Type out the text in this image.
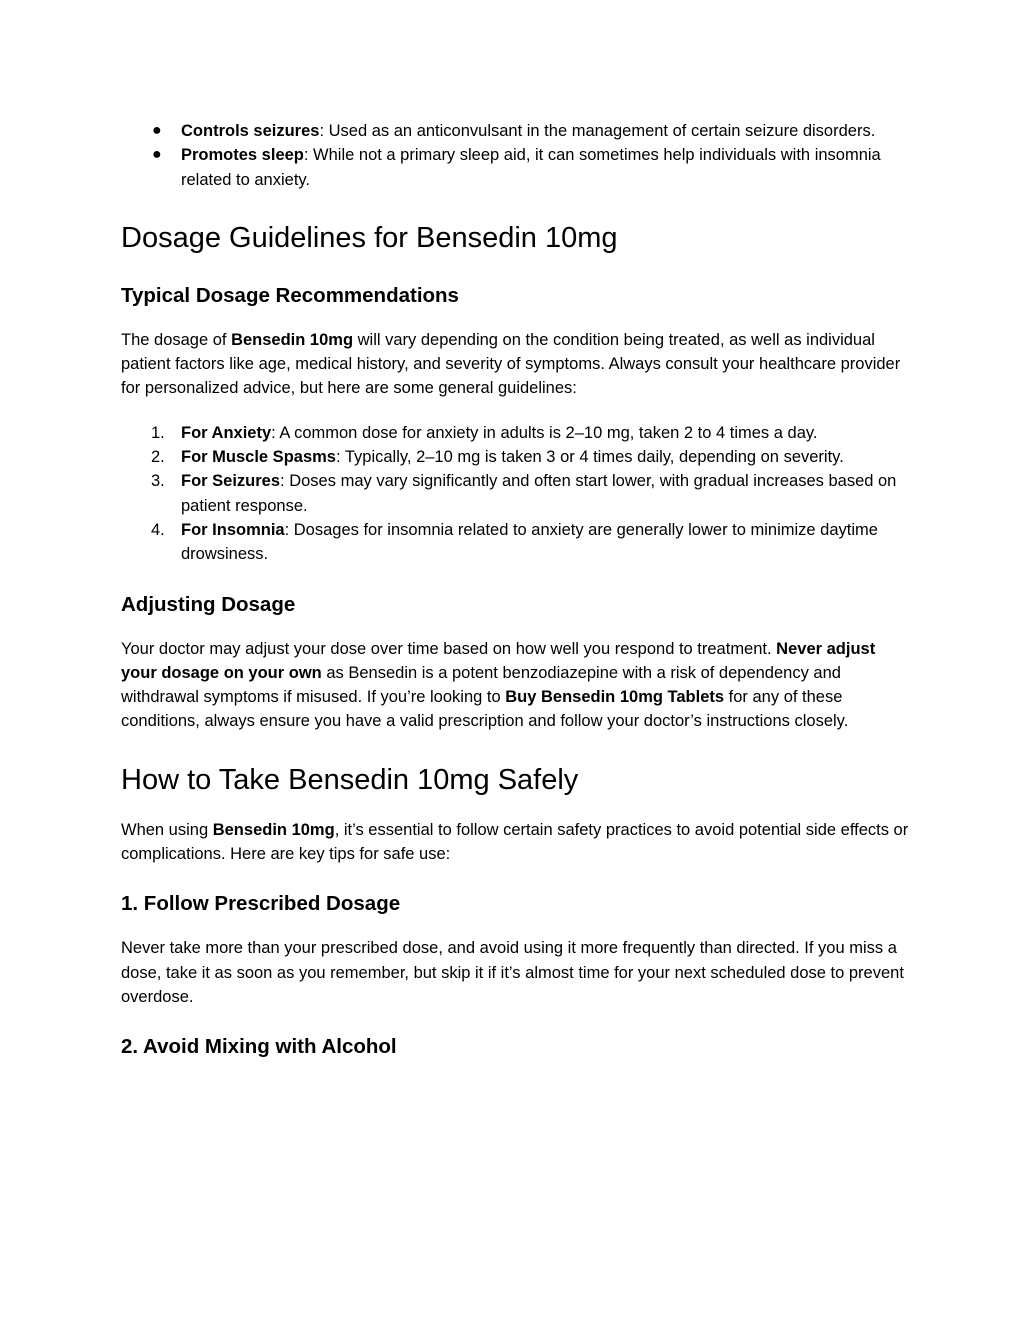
● Controls seizures: Used as an anticonvulsant in the management of certain seizure disorders.
● Promotes sleep: While not a primary sleep aid, it can sometimes help individuals with insomnia related to anxiety.
Dosage Guidelines for Bensedin 10mg
Typical Dosage Recommendations

The dosage of Bensedin 10mg will vary depending on the condition being treated, as well as individual patient factors like age, medical history, and severity of symptoms. Always consult your healthcare provider for personalized advice, but here are some general guidelines:

1. For Anxiety: A common dose for anxiety in adults is 2–10 mg, taken 2 to 4 times a day.
2. For Muscle Spasms: Typically, 2–10 mg is taken 3 or 4 times daily, depending on severity.
3. For Seizures: Doses may vary significantly and often start lower, with gradual increases based on patient response.
4. For Insomnia: Dosages for insomnia related to anxiety are generally lower to minimize daytime drowsiness.
Adjusting Dosage

Your doctor may adjust your dose over time based on how well you respond to treatment. Never adjust your dosage on your own as Bensedin is a potent benzodiazepine with a risk of dependency and withdrawal symptoms if misused. If you’re looking to Buy Bensedin 10mg Tablets for any of these conditions, always ensure you have a valid prescription and follow your doctor’s instructions closely.

How to Take Bensedin 10mg Safely

When using Bensedin 10mg, it’s essential to follow certain safety practices to avoid potential side effects or complications. Here are key tips for safe use:

1. Follow Prescribed Dosage

Never take more than your prescribed dose, and avoid using it more frequently than directed. If you miss a dose, take it as soon as you remember, but skip it if it’s almost time for your next scheduled dose to prevent overdose.

2. Avoid Mixing with Alcohol
